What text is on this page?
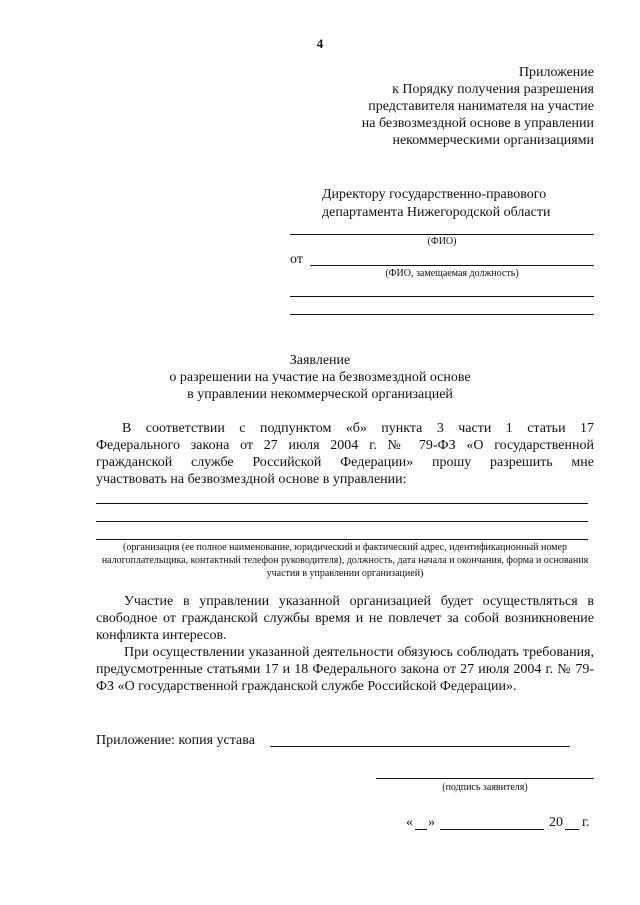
4
Приложение
к Порядку получения разрешения
представителя нанимателя на участие
на безвозмездной основе в управлении
некоммерческими организациями
Директору государственно-правового
департамента Нижегородской области
(ФИО)
от
(ФИО, замещаемая должность)
Заявление
о разрешении на участие на безвозмездной основе
в управлении некоммерческой организацией
В соответствии с подпунктом «б» пункта 3 части 1 статьи 17
Федерального закона от 27 июля 2004 г. № 79-ФЗ «О государственной
гражданской службе Российской Федерации» прошу разрешить мне
участвовать на безвозмездной основе в управлении:
(организация (ее полное наименование, юридический и фактический адрес, идентификационный номер налогоплательщика, контактный телефон руководителя), должность, дата начала и окончания, форма и основания участия в управлении организацией)
Участие в управлении указанной организацией будет осуществляться в свободное от гражданской службы время и не повлечет за собой возникновение конфликта интересов.
При осуществлении указанной деятельности обязуюсь соблюдать требования, предусмотренные статьями 17 и 18 Федерального закона от 27 июля 2004 г. № 79-ФЗ «О государственной гражданской службе Российской Федерации».
Приложение: копия устава
(подпись заявителя)
« »	20 г.
